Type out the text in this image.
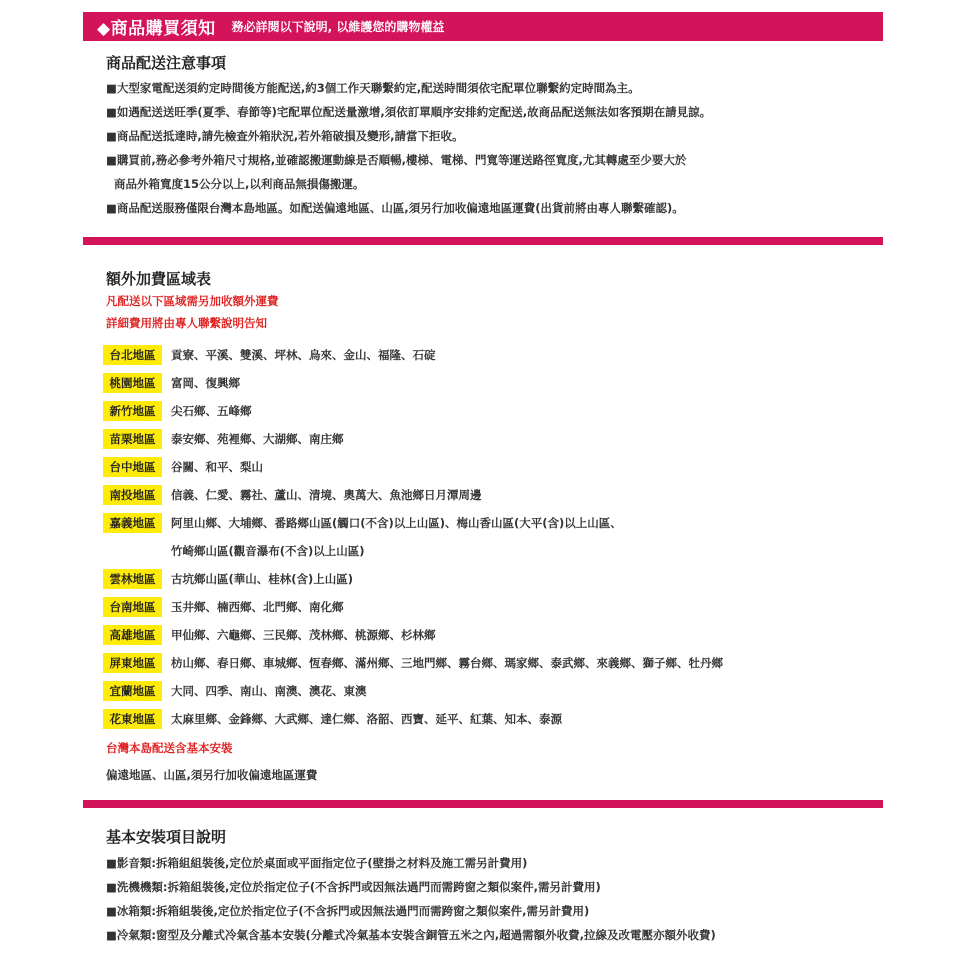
◆商品購買須知 務必詳閱以下說明, 以維護您的購物權益
商品配送注意事項
■大型家電配送須約定時間後方能配送,約3個工作天聯繫約定,配送時間須依宅配單位聯繫約定時間為主。
■如遇配送送旺季(夏季、春節等)宅配單位配送量激增,須依訂單順序安排約定配送,故商品配送無法如客預期在請見諒。
■商品配送抵達時,請先檢查外箱狀況,若外箱破損及變形,請當下拒收。
■購買前,務必參考外箱尺寸規格,並確認搬運動線是否順暢,樓梯、電梯、門寬等運送路徑寬度,尤其轉處至少要大於
商品外箱寬度15公分以上,以利商品無損傷搬運。
■商品配送服務僅限台灣本島地區。如配送偏遠地區、山區,須另行加收偏遠地區運費(出貨前將由專人聯繫確認)。
額外加費區域表
凡配送以下區域需另加收額外運費
詳細費用將由專人聯繫說明告知
台北地區	貢寮、平溪、雙溪、坪林、烏來、金山、福隆、石碇
桃園地區	富岡、復興鄉
新竹地區	尖石鄉、五峰鄉
苗栗地區	泰安鄉、苑裡鄉、大湖鄉、南庄鄉
台中地區	谷關、和平、梨山
南投地區	信義、仁愛、霧社、蘆山、清境、奧萬大、魚池鄉日月潭周邊
嘉義地區	阿里山鄉、大埔鄉、番路鄉山區(觸口(不含)以上山區)、梅山香山區(大平(含)以上山區、
竹崎鄉山區(觀音瀑布(不含)以上山區)
雲林地區	古坑鄉山區(華山、桂林(含)上山區)
台南地區	玉井鄉、楠西鄉、北門鄉、南化鄉
高雄地區	甲仙鄉、六龜鄉、三民鄉、茂林鄉、桃源鄉、杉林鄉
屏東地區	枋山鄉、春日鄉、車城鄉、恆春鄉、滿州鄉、三地門鄉、霧台鄉、瑪家鄉、泰武鄉、來義鄉、獅子鄉、牡丹鄉
宜蘭地區	大同、四季、南山、南澳、澳花、東澳
花東地區	太麻里鄉、金鋒鄉、大武鄉、達仁鄉、洛韶、西寶、延平、紅葉、知本、泰源
台灣本島配送含基本安裝
偏遠地區、山區,須另行加收偏遠地區運費
基本安裝項目說明
■影音類:拆箱組組裝後,定位於桌面或平面指定位子(壁掛之材料及施工需另計費用)
■洗機機類:拆箱組裝後,定位於指定位子(不含拆門或因無法過門而需跨窗之類似案件,需另計費用)
■冰箱類:拆箱組裝後,定位於指定位子(不含拆門或因無法過門而需跨窗之類似案件,需另計費用)
■冷氣類:窗型及分離式冷氣含基本安裝(分離式冷氣基本安裝含銅管五米之內,超過需額外收費,拉線及改電壓亦額外收費)
